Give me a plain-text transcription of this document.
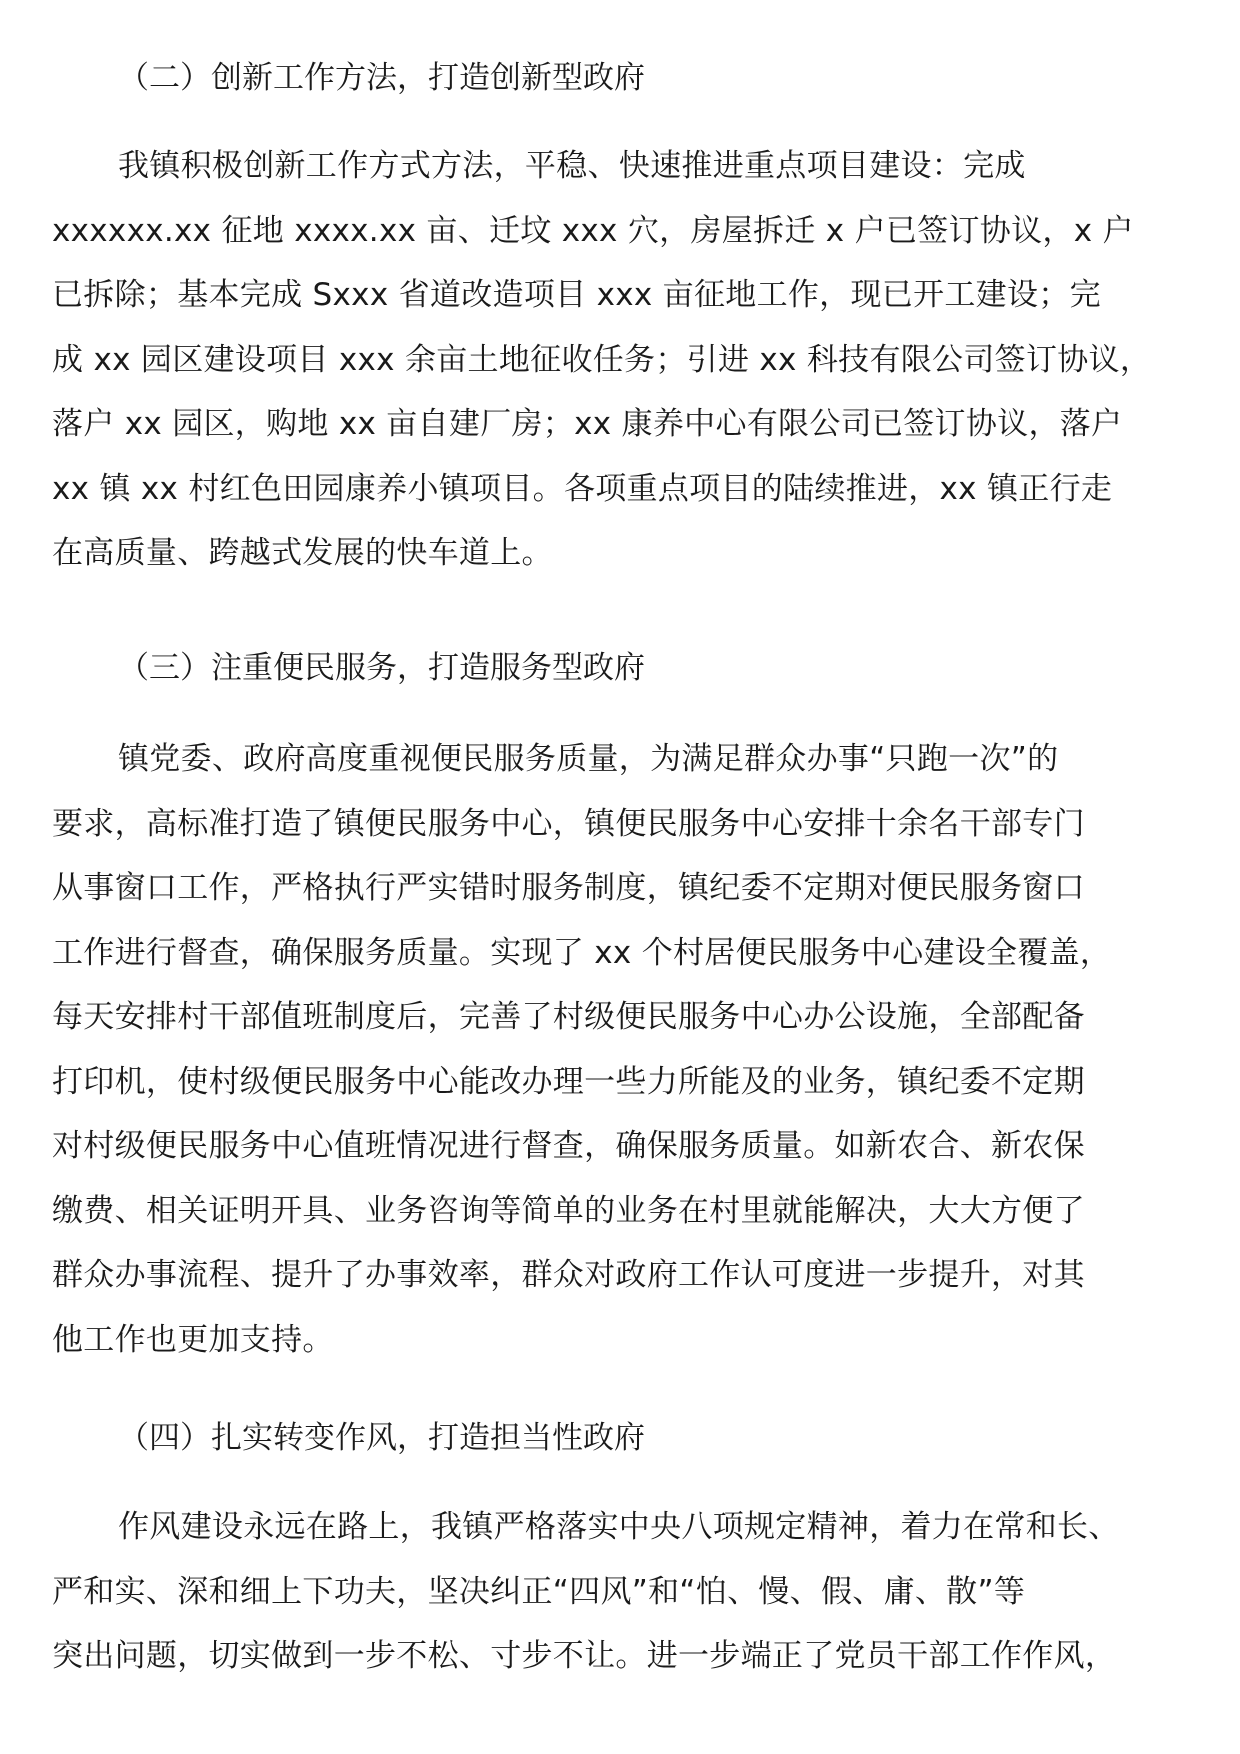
（二）创新工作方法，打造创新型政府
我镇积极创新工作方式方法，平稳、快速推进重点项目建设：完成
xxxxxx.xx 征地 xxxx.xx 亩、迁坟 xxx 穴，房屋拆迁 x 户已签订协议，x 户
已拆除；基本完成 Sxxx 省道改造项目 xxx 亩征地工作，现已开工建设；完
成 xx 园区建设项目 xxx 余亩土地征收任务；引进 xx 科技有限公司签订协议，
落户 xx 园区，购地 xx 亩自建厂房；xx 康养中心有限公司已签订协议，落户
xx 镇 xx 村红色田园康养小镇项目。各项重点项目的陆续推进，xx 镇正行走
在高质量、跨越式发展的快车道上。
（三）注重便民服务，打造服务型政府
镇党委、政府高度重视便民服务质量，为满足群众办事“只跑一次”的
要求，高标准打造了镇便民服务中心，镇便民服务中心安排十余名干部专门
从事窗口工作，严格执行严实错时服务制度，镇纪委不定期对便民服务窗口
工作进行督查，确保服务质量。实现了 xx 个村居便民服务中心建设全覆盖，
每天安排村干部值班制度后，完善了村级便民服务中心办公设施，全部配备
打印机，使村级便民服务中心能改办理一些力所能及的业务，镇纪委不定期
对村级便民服务中心值班情况进行督查，确保服务质量。如新农合、新农保
缴费、相关证明开具、业务咨询等简单的业务在村里就能解决，大大方便了
群众办事流程、提升了办事效率，群众对政府工作认可度进一步提升，对其
他工作也更加支持。
（四）扎实转变作风，打造担当性政府
作风建设永远在路上，我镇严格落实中央八项规定精神，着力在常和长、
严和实、深和细上下功夫，坚决纠正“四风”和“怕、慢、假、庸、散”等
突出问题，切实做到一步不松、寸步不让。进一步端正了党员干部工作作风，
